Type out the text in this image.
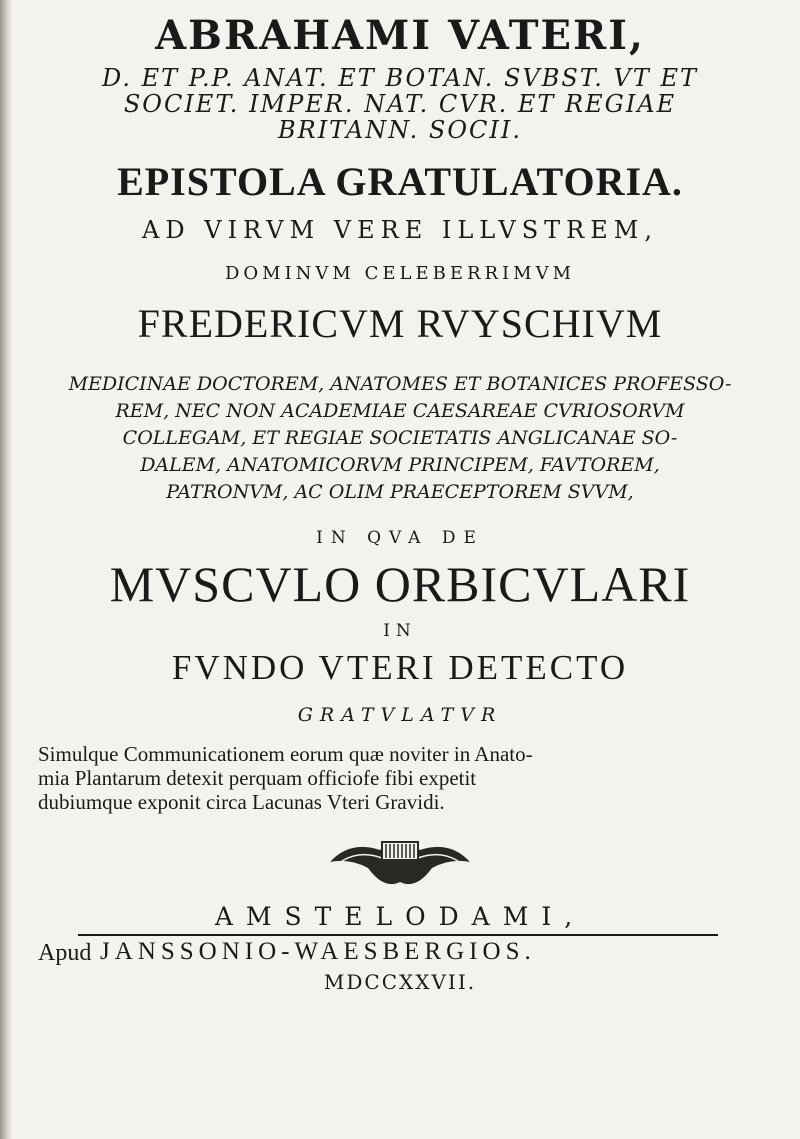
ABRAHAMI VATERI,
D. ET P.P. ANAT. ET BOTAN. SVBST. VT ET
SOCIET. IMPER. NAT. CVR. ET REGIAE
BRITANN. SOCII.
EPISTOLA GRATULATORIA.
AD VIRVM VERE ILLVSTREM,
DOMINVM CELEBERRIMVM
FREDERICVM RVYSCHIVM
MEDICINAE DOCTOREM, ANATOMES ET BOTANICES PROFESSO-
REM, NEC NON ACADEMIAE CAESAREAE CVRIOSORVM
COLLEGAM, ET REGIAE SOCIETATIS ANGLICANAE SO-
DALEM, ANATOMICORVM PRINCIPEM, FAVTOREM,
PATRONVM, AC OLIM PRAECEPTOREM SVVM,
IN QVA DE
MVSCVLO ORBICVLARI
IN
FVNDO VTERI DETECTO
GRATVLATVR
Simulque Communicationem eorum quæ noviter in Anato-
mia Plantarum detexit perquam officiofe fibi expetit
dubiumque exponit circa Lacunas Vteri Gravidi.
AMSTELODAMI,
Apud JANSSONIO-WAESBERGIOS.
MDCCXXVII.
